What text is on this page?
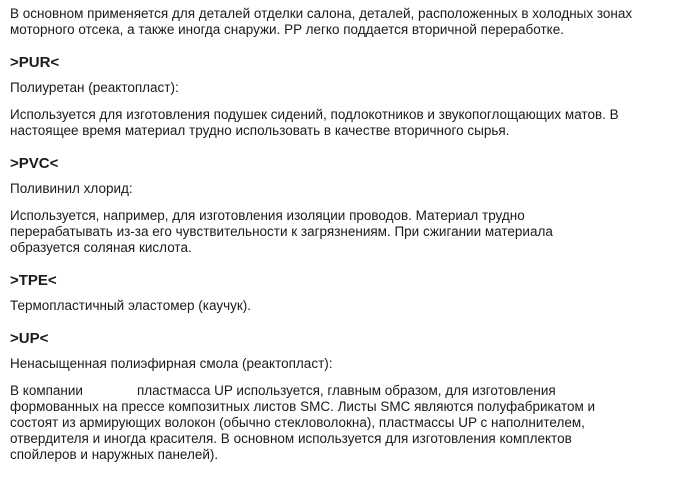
В основном применяется для деталей отделки салона, деталей, расположенных в холодных зонах
моторного отсека, а также иногда снаружи. PP легко поддается вторичной переработке.

>PUR<

Полиуретан (реактопласт):

Используется для изготовления подушек сидений, подлокотников и звукопоглощающих матов. В
настоящее время материал трудно использовать в качестве вторичного сырья.

>PVC<

Поливинил хлорид:

Используется, например, для изготовления изоляции проводов. Материал трудно
перерабатывать из-за его чувствительности к загрязнениям. При сжигании материала
образуется соляная кислота.

>TPE<

Термопластичный эластомер (каучук).

>UP<

Ненасыщенная полиэфирная смола (реактопласт):

В компании	пластмасса UP используется, главным образом, для изготовления
формованных на прессе композитных листов SMC. Листы SMC являются полуфабрикатом и
состоят из армирующих волокон (обычно стекловолокна), пластмассы UP с наполнителем,
отвердителя и иногда красителя. В основном используется для изготовления комплектов
спойлеров и наружных панелей).
